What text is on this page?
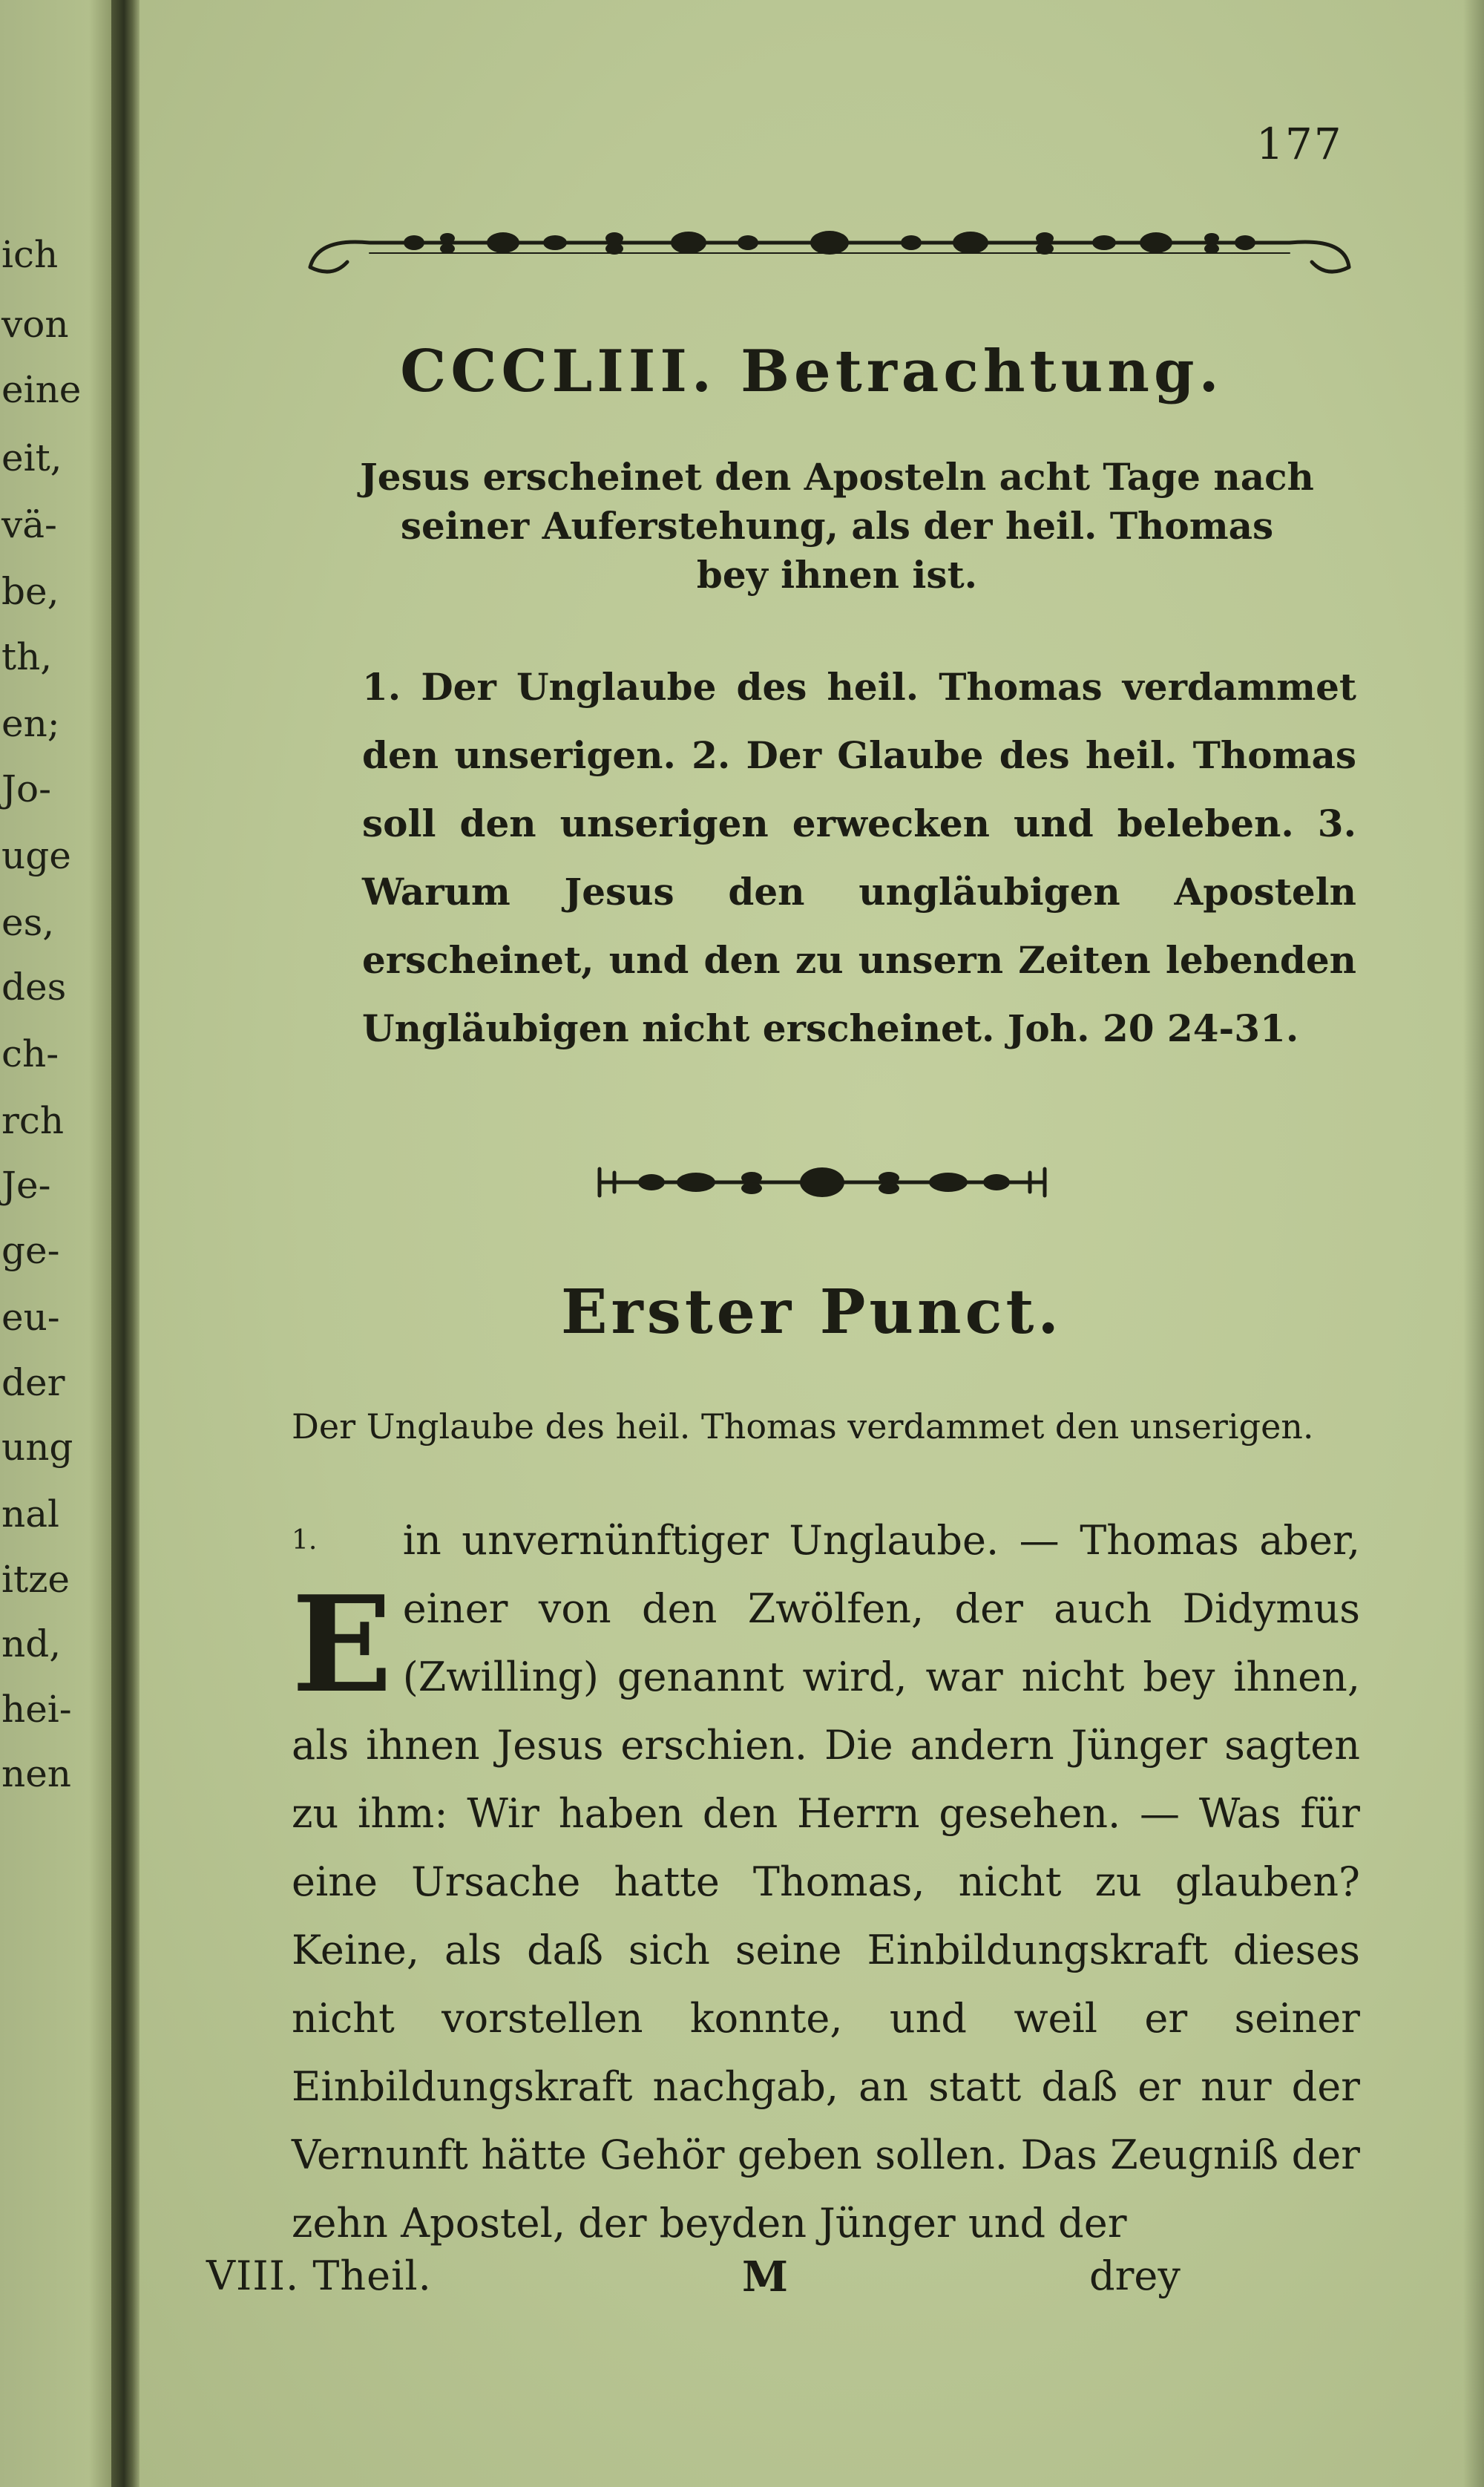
ich
von
eine
eit,
vä-
be,
th,
en;
Jo-
uge
es,
des
ch-
rch
Je-
ge-
eu-
der
ung
nal
itze
nd,
hei-
nen
177
CCCLIII. Betrachtung.
Jesus erscheinet den Aposteln acht Tage nach
seiner Auferstehung, als der heil. Thomas
bey ihnen ist.
1. Der Unglaube des heil. Thomas verdammet den unserigen. 2. Der Glaube des heil. Thomas soll den unserigen erwecken und beleben. 3. Warum Jesus den ungläubigen Aposteln erscheinet, und den zu unsern Zeiten lebenden Ungläubigen nicht erscheinet. Joh. 20 24-31.
Erster Punct.
Der Unglaube des heil. Thomas verdammet den unserigen.
$^{1.}$
E
in unvernünftiger Unglaube. — Thomas aber, einer von den Zwölfen, der auch Didymus (Zwilling) genannt wird, war nicht bey ihnen, als ihnen Jesus erschien. Die andern Jünger sagten zu ihm: Wir haben den Herrn gesehen. — Was für eine Ursache hatte Thomas, nicht zu glauben? Keine, als daß sich seine Einbildungskraft dieses nicht vorstellen konnte, und weil er seiner Einbildungskraft nachgab, an statt daß er nur der Vernunft hätte Gehör geben sollen. Das Zeugniß der zehn Apostel, der beyden Jünger und der
VIII. Theil.	M	drey
